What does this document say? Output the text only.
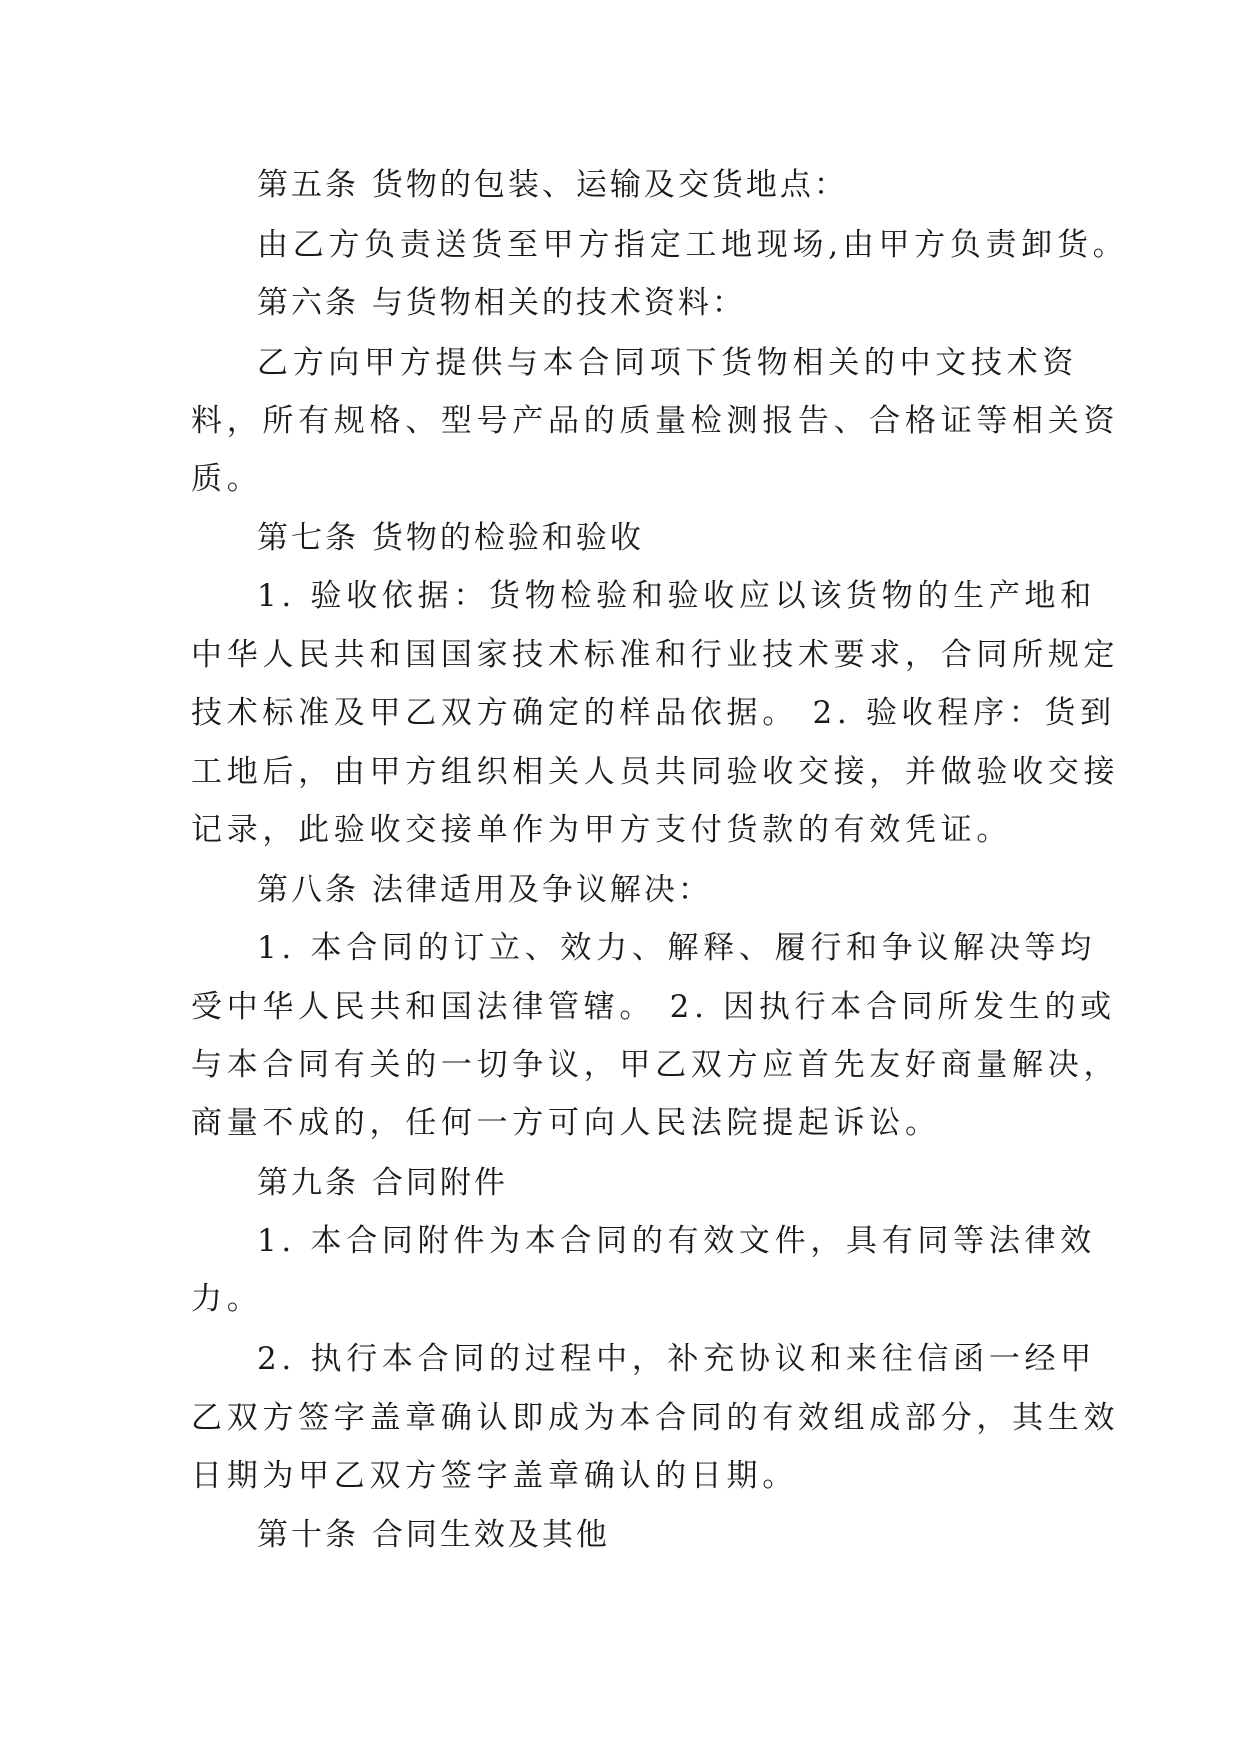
第五条 货物的包装、运输及交货地点：
由乙方负责送货至甲方指定工地现场,由甲方负责卸货。
第六条 与货物相关的技术资料：
乙方向甲方提供与本合同项下货物相关的中文技术资
料，所有规格、型号产品的质量检测报告、合格证等相关资
质。
第七条 货物的检验和验收
1. 验收依据：货物检验和验收应以该货物的生产地和
中华人民共和国国家技术标准和行业技术要求，合同所规定
技术标准及甲乙双方确定的样品依据。 2. 验收程序：货到
工地后，由甲方组织相关人员共同验收交接，并做验收交接
记录，此验收交接单作为甲方支付货款的有效凭证。
第八条 法律适用及争议解决：
1. 本合同的订立、效力、解释、履行和争议解决等均
受中华人民共和国法律管辖。 2. 因执行本合同所发生的或
与本合同有关的一切争议，甲乙双方应首先友好商量解决，
商量不成的，任何一方可向人民法院提起诉讼。
第九条 合同附件
1. 本合同附件为本合同的有效文件，具有同等法律效
力。
2. 执行本合同的过程中，补充协议和来往信函一经甲
乙双方签字盖章确认即成为本合同的有效组成部分，其生效
日期为甲乙双方签字盖章确认的日期。
第十条 合同生效及其他
